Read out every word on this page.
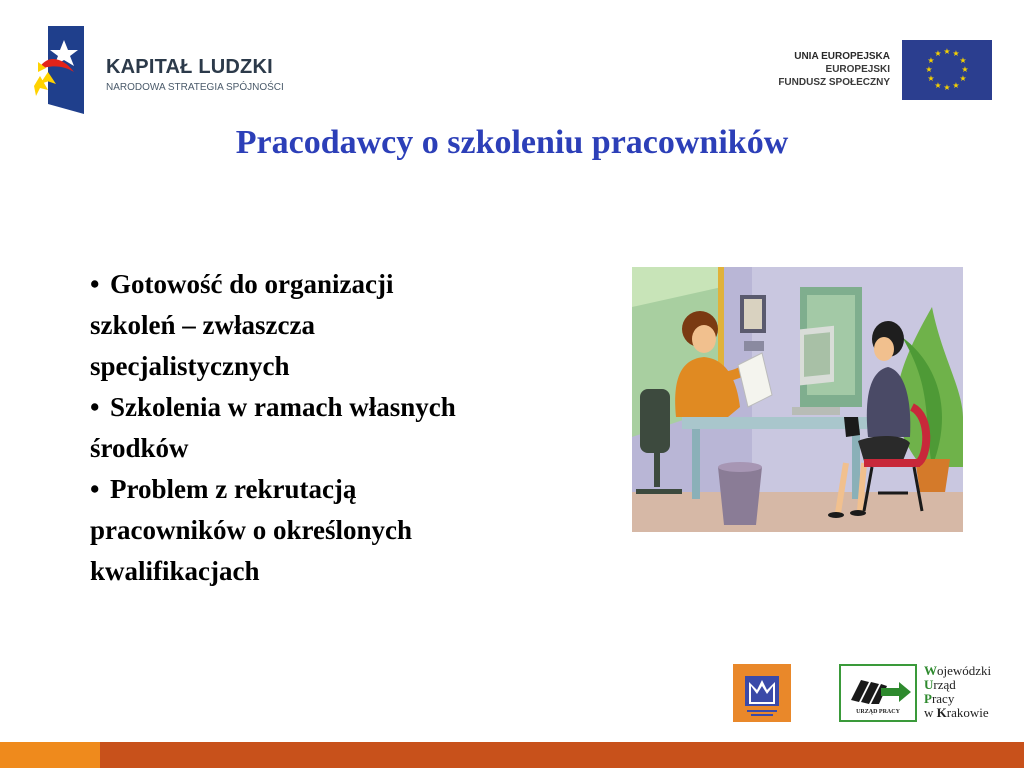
KAPITAŁ LUDZKI
NARODOWA STRATEGIA SPÓJNOŚCI
UNIA EUROPEJSKA
EUROPEJSKI
FUNDUSZ SPOŁECZNY
★ ★
★
★
★
★
★
★
★
★
★
★
Pracodawcy o szkoleniu pracowników
• Gotowość do organizacji
szkoleń – zwłaszcza
specjalistycznych
• Szkolenia w ramach własnych
środków
• Problem z rekrutacją
pracowników o określonych
kwalifikacjach
URZĄD PRACY
Wojewódzki
Urząd
Pracy
w Krakowie
